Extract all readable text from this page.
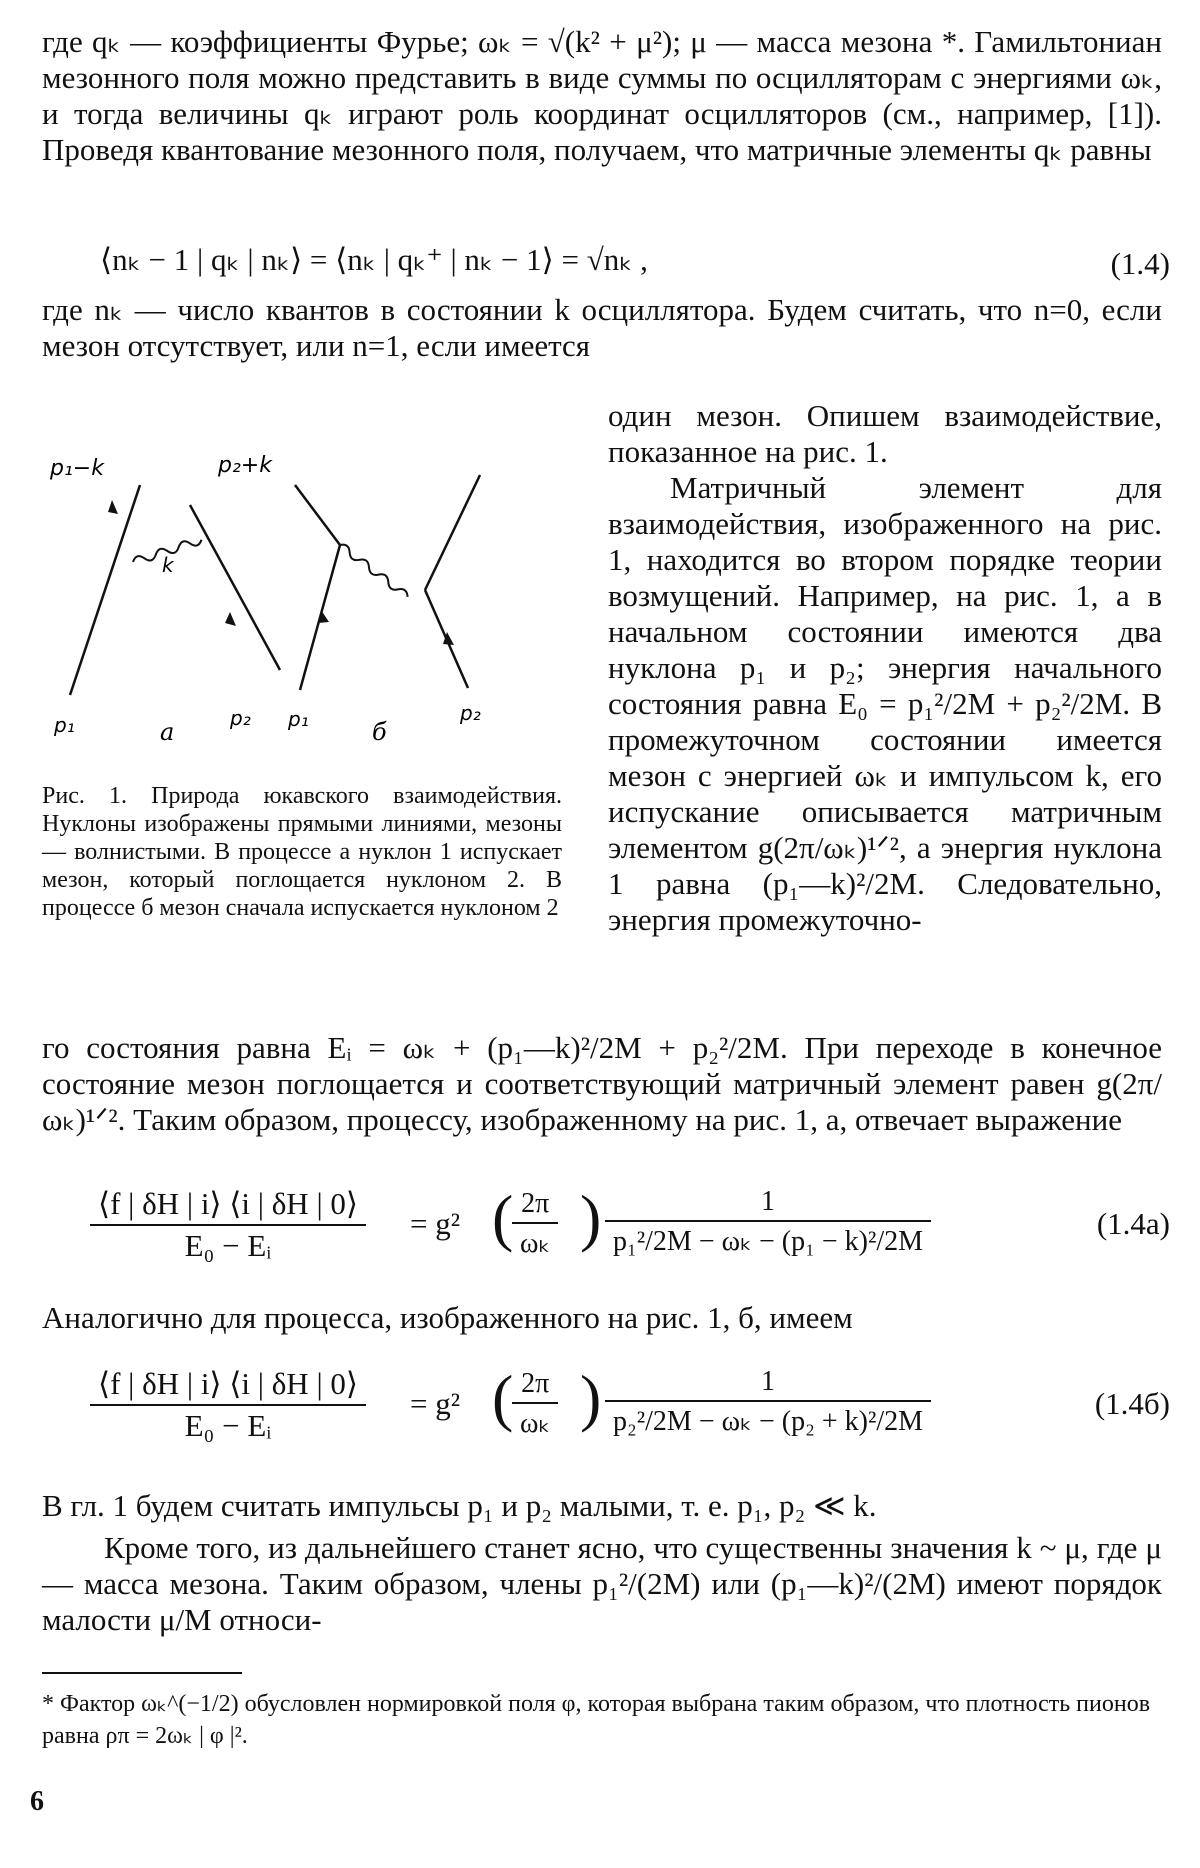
где qₖ — коэффициенты Фурье; ωₖ = √(k² + μ²); μ — масса мезона *. Гамильтониан мезонного поля можно представить в виде суммы по осцилляторам с энергиями ωₖ, и тогда величины qₖ играют роль координат осцилляторов (см., например, [1]). Проведя квантование мезонного поля, получаем, что матричные элементы qₖ равны

⟨nₖ − 1 | qₖ | nₖ⟩ = ⟨nₖ | qₖ⁺ | nₖ − 1⟩ = √nₖ ,	(1.4)

где nₖ — число квантов в состоянии k осциллятора. Будем считать, что n=0, если мезон отсутствует, или n=1, если имеется

p₁−k	p₂+k
k
p₁	p₂
а	p₁	p₂
б

Рис. 1. Природа юкавского взаимодействия. Нуклоны изображены прямыми линиями, мезоны — волнистыми. В процессе а нуклон 1 испускает мезон, который поглощается нуклоном 2. В процессе б мезон сначала испускается нуклоном 2

один мезон. Опишем взаимодействие, показанное на рис. 1.

Матричный элемент для взаимодействия, изображенного на рис. 1, находится во втором порядке теории возмущений. Например, на рис. 1, а в начальном состоянии имеются два нуклона p₁ и p₂; энергия начального состояния равна E₀ = p₁²/2M + p₂²/2M. В промежуточном состоянии имеется мезон с энергией ωₖ и импульсом k, его испускание описывается матричным элементом g(2π/ωₖ)¹ᐟ², а энергия нуклона 1 равна (p₁—k)²/2M. Следовательно, энергия промежуточно-

го состояния равна Eᵢ = ωₖ + (p₁—k)²/2M + p₂²/2M. При переходе в конечное состояние мезон поглощается и соответствующий матричный элемент равен g(2π/ωₖ)¹ᐟ². Таким образом, процессу, изображенному на рис. 1, а, отвечает выражение

$\frac{⟨f | \delta H | i⟩ ⟨i | \delta H | 0⟩}{\text{E₀ − Eᵢ}} = g^2$ (
$\frac{2\pi}{\text{ωₖ}}$ ) $\frac{1}{\text{p₁²/2M − ωₖ − (p₁ − k)²/2M}}$	(1.4а)

Аналогично для процесса, изображенного на рис. 1, б, имеем

$\frac{⟨f | \delta H | i⟩ ⟨i | \delta H | 0⟩}{\text{E₀ − Eᵢ}} = g^2$ (
$\frac{2\pi}{\text{ωₖ}}$ ) $\frac{1}{\text{p₂²/2M − ωₖ − (p₂ + k)²/2M}}$	(1.4б)

В гл. 1 будем считать импульсы p₁ и p₂ малыми, т. е. p₁, p₂ ≪ k.

Кроме того, из дальнейшего станет ясно, что существенны значения k ~ μ, где μ — масса мезона. Таким образом, члены p₁²/(2M) или (p₁—k)²/(2M) имеют порядок малости μ/M относи-

* Фактор ωₖ^(−1/2) обусловлен нормировкой поля φ, которая выбрана таким образом, что плотность пионов равна ρπ = 2ωₖ | φ |².

6
